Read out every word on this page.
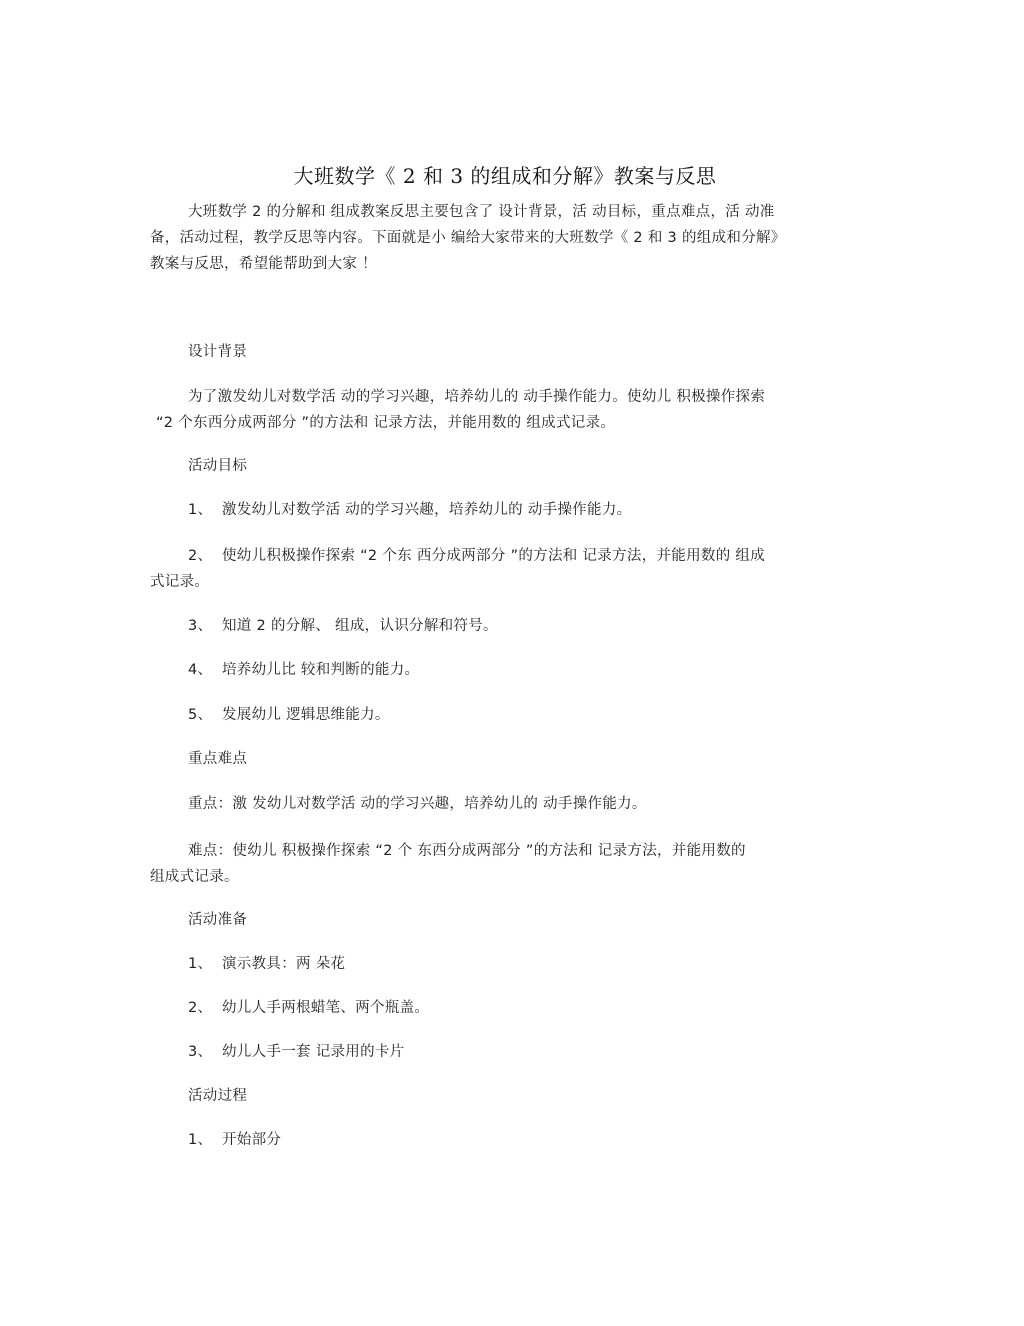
大班数学《 2 和 3 的组成和分解》教案与反思
大班数学 2 的分解和 组成教案反思主要包含了 设计背景，活 动目标，重点难点，活 动准
备，活动过程，教学反思等内容。下面就是小 编给大家带来的大班数学《 2 和 3 的组成和分解》
教案与反思，希望能帮助到大家 ！
设计背景
为了激发幼儿对数学活 动的学习兴趣，培养幼儿的 动手操作能力。使幼儿 积极操作探索
“2 个东西分成两部分 ”的方法和 记录方法，并能用数的 组成式记录。
活动目标
1、 激发幼儿对数学活 动的学习兴趣，培养幼儿的 动手操作能力。
2、 使幼儿积极操作探索 “2 个东 西分成两部分 ”的方法和 记录方法，并能用数的 组成
式记录。
3、 知道 2 的分解、 组成，认识分解和符号。
4、 培养幼儿比 较和判断的能力。
5、 发展幼儿 逻辑思维能力。
重点难点
重点：激 发幼儿对数学活 动的学习兴趣，培养幼儿的 动手操作能力。
难点：使幼儿 积极操作探索 “2 个 东西分成两部分 ”的方法和 记录方法，并能用数的
组成式记录。
活动准备
1、 演示教具：两 朵花
2、 幼儿人手两根蜡笔、两个瓶盖。
3、 幼儿人手一套 记录用的卡片
活动过程
1、 开始部分
